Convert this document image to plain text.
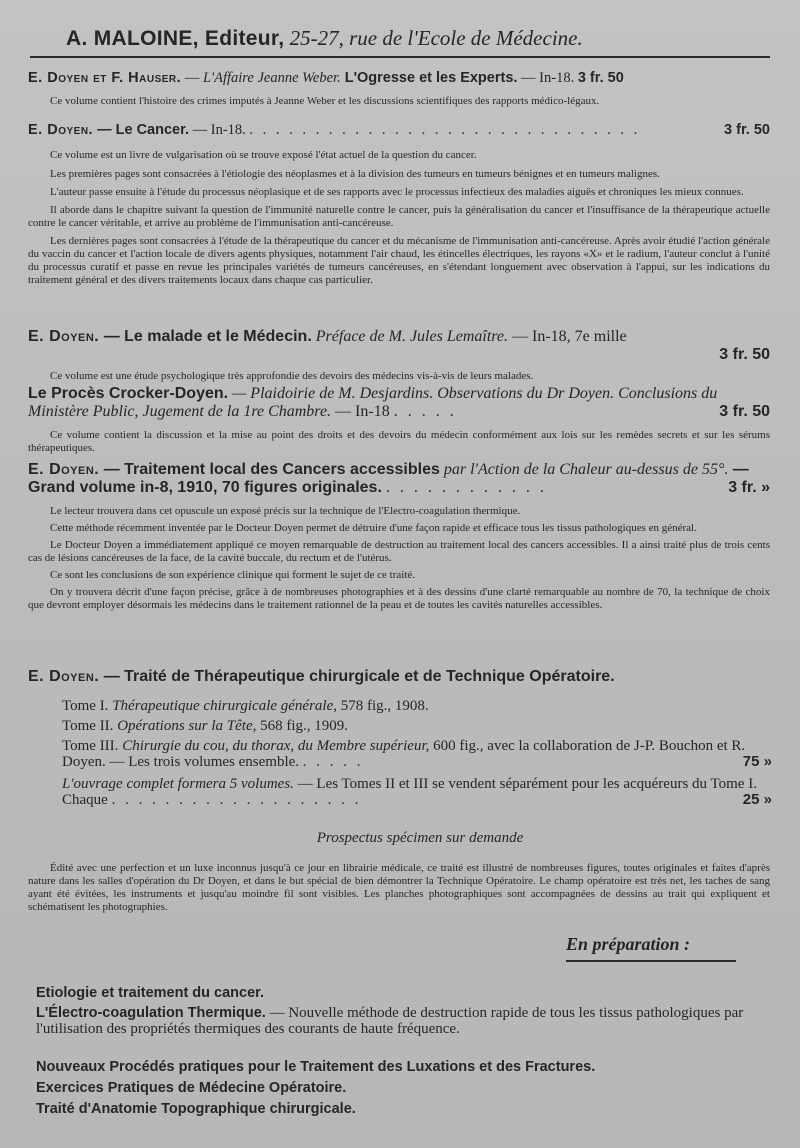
A. MALOINE, Editeur, 25-27, rue de l'Ecole de Médecine.

E. Doyen et F. Hauser. — L'Affaire Jeanne Weber. L'Ogresse et les Experts. — In-18. 3 fr. 50

Ce volume contient l'histoire des crimes imputés à Jeanne Weber et les discussions scientifiques des rapports médico-légaux.

E. Doyen. — Le Cancer. — In-18. . . . . . . . . . . . . . . . . . . . . . . . . . . . . . .	3 fr. 50

Ce volume est un livre de vulgarisation où se trouve exposé l'état actuel de la question du cancer.

Les premières pages sont consacrées à l'étiologie des néoplasmes et à la division des tumeurs en tumeurs bénignes et en tumeurs malignes.

L'auteur passe ensuite à l'étude du processus néoplasique et de ses rapports avec le processus infectieux des maladies aiguës et chroniques les mieux connues.

Il aborde dans le chapitre suivant la question de l'immunité naturelle contre le cancer, puis la généralisation du cancer et l'insuffisance de la thérapeutique actuelle contre le cancer véritable, et arrive au problème de l'immunisation anti-cancéreuse.

Les dernières pages sont consacrées à l'étude de la thérapeutique du cancer et du mécanisme de l'immunisation anti-cancéreuse. Après avoir étudié l'action générale du vaccin du cancer et l'action locale de divers agents physiques, notamment l'air chaud, les étincelles électriques, les rayons «X» et le radium, l'auteur conclut à l'unité du processus curatif et passe en revue les principales variétés de tumeurs cancéreuses, en s'étendant longuement avec observation à l'appui, sur les indications du traitement général et des divers traitements locaux dans chaque cas particulier.

E. Doyen. — Le malade et le Médecin. Préface de M. Jules Lemaître. — In-18, 7e mille

3 fr. 50

Ce volume est une étude psychologique très approfondie des devoirs des médecins vis-à-vis de leurs malades.

Le Procès Crocker-Doyen. — Plaidoirie de M. Desjardins. Observations du Dr Doyen. Conclusions du Ministère Public, Jugement de la 1re Chambre. — In-18 . . . . .	3 fr. 50

Ce volume contient la discussion et la mise au point des droits et des devoirs du médecin conformément aux lois sur les remèdes secrets et sur les sérums thérapeutiques.

E. Doyen. — Traitement local des Cancers accessibles par l'Action de la Chaleur au-dessus de 55°. — Grand volume in-8, 1910, 70 figures originales. . . . . . . . . . . . .	3 fr. »

Le lecteur trouvera dans cet opuscule un exposé précis sur la technique de l'Electro-coagulation thermique.

Cette méthode récemment inventée par le Docteur Doyen permet de détruire d'une façon rapide et efficace tous les tissus pathologiques en général.

Le Docteur Doyen a immédiatement appliqué ce moyen remarquable de destruction au traitement local des cancers accessibles. Il a ainsi traité plus de trois cents cas de lésions cancéreuses de la face, de la cavité buccale, du rectum et de l'utérus.

Ce sont les conclusions de son expérience clinique qui forment le sujet de ce traité.

On y trouvera décrit d'une façon précise, grâce à de nombreuses photographies et à des dessins d'une clarté remarquable au nombre de 70, la technique de choix que devront employer désormais les médecins dans le traitement rationnel de la peau et de toutes les cavités naturelles accessibles.

E. Doyen. — Traité de Thérapeutique chirurgicale et de Technique Opératoire.

Tome I. Thérapeutique chirurgicale générale, 578 fig., 1908.
Tome II. Opérations sur la Tête, 568 fig., 1909.
Tome III. Chirurgie du cou, du thorax, du Membre supérieur, 600 fig., avec la collaboration de J-P. Bouchon et R. Doyen. — Les trois volumes ensemble. . . . . .	75 »
L'ouvrage complet formera 5 volumes. — Les Tomes II et III se vendent séparément pour les acquéreurs du Tome I. Chaque . . . . . . . . . . . . . . . . . . .	25 »
Prospectus spécimen sur demande

Édité avec une perfection et un luxe inconnus jusqu'à ce jour en librairie médicale, ce traité est illustré de nombreuses figures, toutes originales et faites d'après nature dans les salles d'opération du Dr Doyen, et dans le but spécial de bien démontrer la Technique Opératoire. Le champ opératoire est très net, les taches de sang ayant été évitées, les instruments et jusqu'au moindre fil sont visibles. Les planches photographiques sont accompagnées de dessins au trait qui expliquent et schématisent les photographies.

En préparation :
Etiologie et traitement du cancer.
L'Électro-coagulation Thermique. — Nouvelle méthode de destruction rapide de tous les tissus pathologiques par l'utilisation des propriétés thermiques des courants de haute fréquence.
Nouveaux Procédés pratiques pour le Traitement des Luxations et des Fractures.
Exercices Pratiques de Médecine Opératoire.
Traité d'Anatomie Topographique chirurgicale.
